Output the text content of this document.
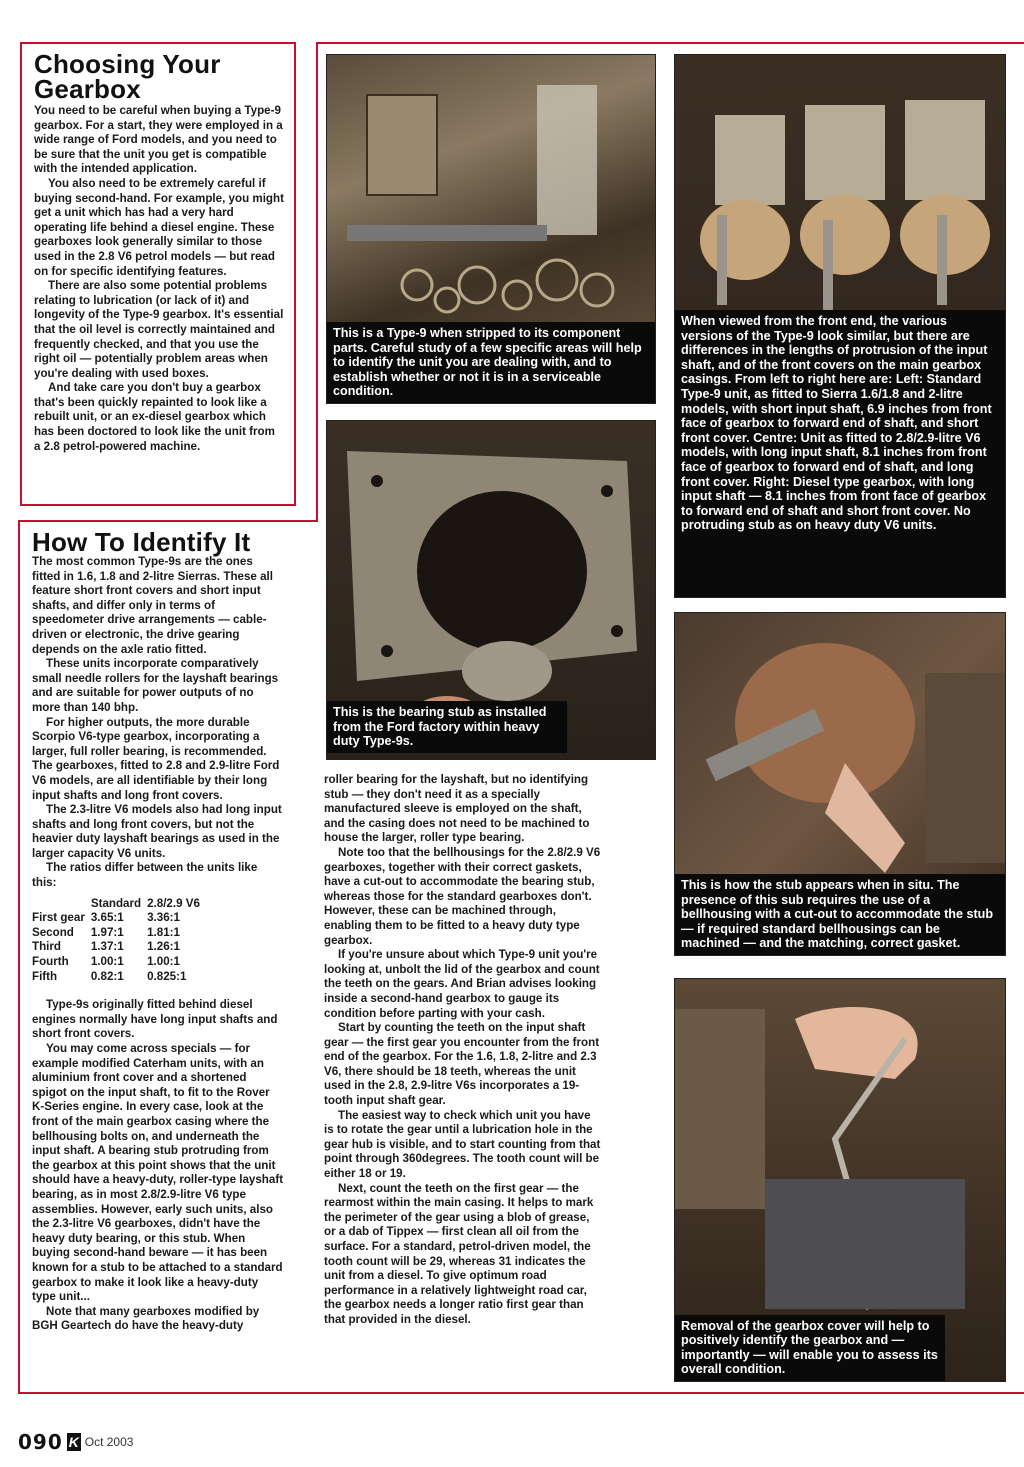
Choosing Your Gearbox

You need to be careful when buying a Type-9 gearbox. For a start, they were employed in a wide range of Ford models, and you need to be sure that the unit you get is compatible with the intended application.

You also need to be extremely careful if buying second-hand. For example, you might get a unit which has had a very hard operating life behind a diesel engine. These gearboxes look generally similar to those used in the 2.8 V6 petrol models — but read on for specific identifying features.

There are also some potential problems relating to lubrication (or lack of it) and longevity of the Type-9 gearbox. It's essential that the oil level is correctly maintained and frequently checked, and that you use the right oil — potentially problem areas when you're dealing with used boxes.

And take care you don't buy a gearbox that's been quickly repainted to look like a rebuilt unit, or an ex-diesel gearbox which has been doctored to look like the unit from a 2.8 petrol-powered machine.

How To Identify It

The most common Type-9s are the ones fitted in 1.6, 1.8 and 2-litre Sierras. These all feature short front covers and short input shafts, and differ only in terms of speedometer drive arrangements — cable-driven or electronic, the drive gearing depends on the axle ratio fitted.

These units incorporate comparatively small needle rollers for the layshaft bearings and are suitable for power outputs of no more than 140 bhp.

For higher outputs, the more durable Scorpio V6-type gearbox, incorporating a larger, full roller bearing, is recommended. The gearboxes, fitted to 2.8 and 2.9-litre Ford V6 models, are all identifiable by their long input shafts and long front covers.

The 2.3-litre V6 models also had long input shafts and long front covers, but not the heavier duty layshaft bearings as used in the larger capacity V6 units.

The ratios differ between the units like this:

	Standard	2.8/2.9 V6
First gear	3.65:1	3.36:1
Second	1.97:1	1.81:1
Third	1.37:1	1.26:1
Fourth	1.00:1	1.00:1
Fifth	0.82:1	0.825:1

Type-9s originally fitted behind diesel engines normally have long input shafts and short front covers.

You may come across specials — for example modified Caterham units, with an aluminium front cover and a shortened spigot on the input shaft, to fit to the Rover K-Series engine. In every case, look at the front of the main gearbox casing where the bellhousing bolts on, and underneath the input shaft. A bearing stub protruding from the gearbox at this point shows that the unit should have a heavy-duty, roller-type layshaft bearing, as in most 2.8/2.9-litre V6 type assemblies. However, early such units, also the 2.3-litre V6 gearboxes, didn't have the heavy duty bearing, or this stub. When buying second-hand beware — it has been known for a stub to be attached to a standard gearbox to make it look like a heavy-duty type unit...

Note that many gearboxes modified by BGH Geartech do have the heavy-duty

This is a Type-9 when stripped to its component parts. Careful study of a few specific areas will help to identify the unit you are dealing with, and to establish whether or not it is in a serviceable condition.
This is the bearing stub as installed from the Ford factory within heavy duty Type-9s.

roller bearing for the layshaft, but no identifying stub — they don't need it as a specially manufactured sleeve is employed on the shaft, and the casing does not need to be machined to house the larger, roller type bearing.

Note too that the bellhousings for the 2.8/2.9 V6 gearboxes, together with their correct gaskets, have a cut-out to accommodate the bearing stub, whereas those for the standard gearboxes don't. However, these can be machined through, enabling them to be fitted to a heavy duty type gearbox.

If you're unsure about which Type-9 unit you're looking at, unbolt the lid of the gearbox and count the teeth on the gears. And Brian advises looking inside a second-hand gearbox to gauge its condition before parting with your cash.

Start by counting the teeth on the input shaft gear — the first gear you encounter from the front end of the gearbox. For the 1.6, 1.8, 2-litre and 2.3 V6, there should be 18 teeth, whereas the unit used in the 2.8, 2.9-litre V6s incorporates a 19-tooth input shaft gear.

The easiest way to check which unit you have is to rotate the gear until a lubrication hole in the gear hub is visible, and to start counting from that point through 360degrees. The tooth count will be either 18 or 19.

Next, count the teeth on the first gear — the rearmost within the main casing. It helps to mark the perimeter of the gear using a blob of grease, or a dab of Tippex — first clean all oil from the surface. For a standard, petrol-driven model, the tooth count will be 29, whereas 31 indicates the unit from a diesel. To give optimum road performance in a relatively lightweight road car, the gearbox needs a longer ratio first gear than that provided in the diesel.

When viewed from the front end, the various versions of the Type-9 look similar, but there are differences in the lengths of protrusion of the input shaft, and of the front covers on the main gearbox casings. From left to right here are: Left: Standard Type-9 unit, as fitted to Sierra 1.6/1.8 and 2-litre models, with short input shaft, 6.9 inches from front face of gearbox to forward end of shaft, and short front cover. Centre: Unit as fitted to 2.8/2.9-litre V6 models, with long input shaft, 8.1 inches from front face of gearbox to forward end of shaft, and long front cover. Right: Diesel type gearbox, with long input shaft — 8.1 inches from front face of gearbox to forward end of shaft and short front cover. No protruding stub as on heavy duty V6 units.
This is how the stub appears when in situ. The presence of this sub requires the use of a bellhousing with a cut-out to accommodate the stub — if required standard bellhousings can be machined — and the matching, correct gasket.
Removal of the gearbox cover will help to positively identify the gearbox and — importantly — will enable you to assess its overall condition.
090 K Oct 2003
